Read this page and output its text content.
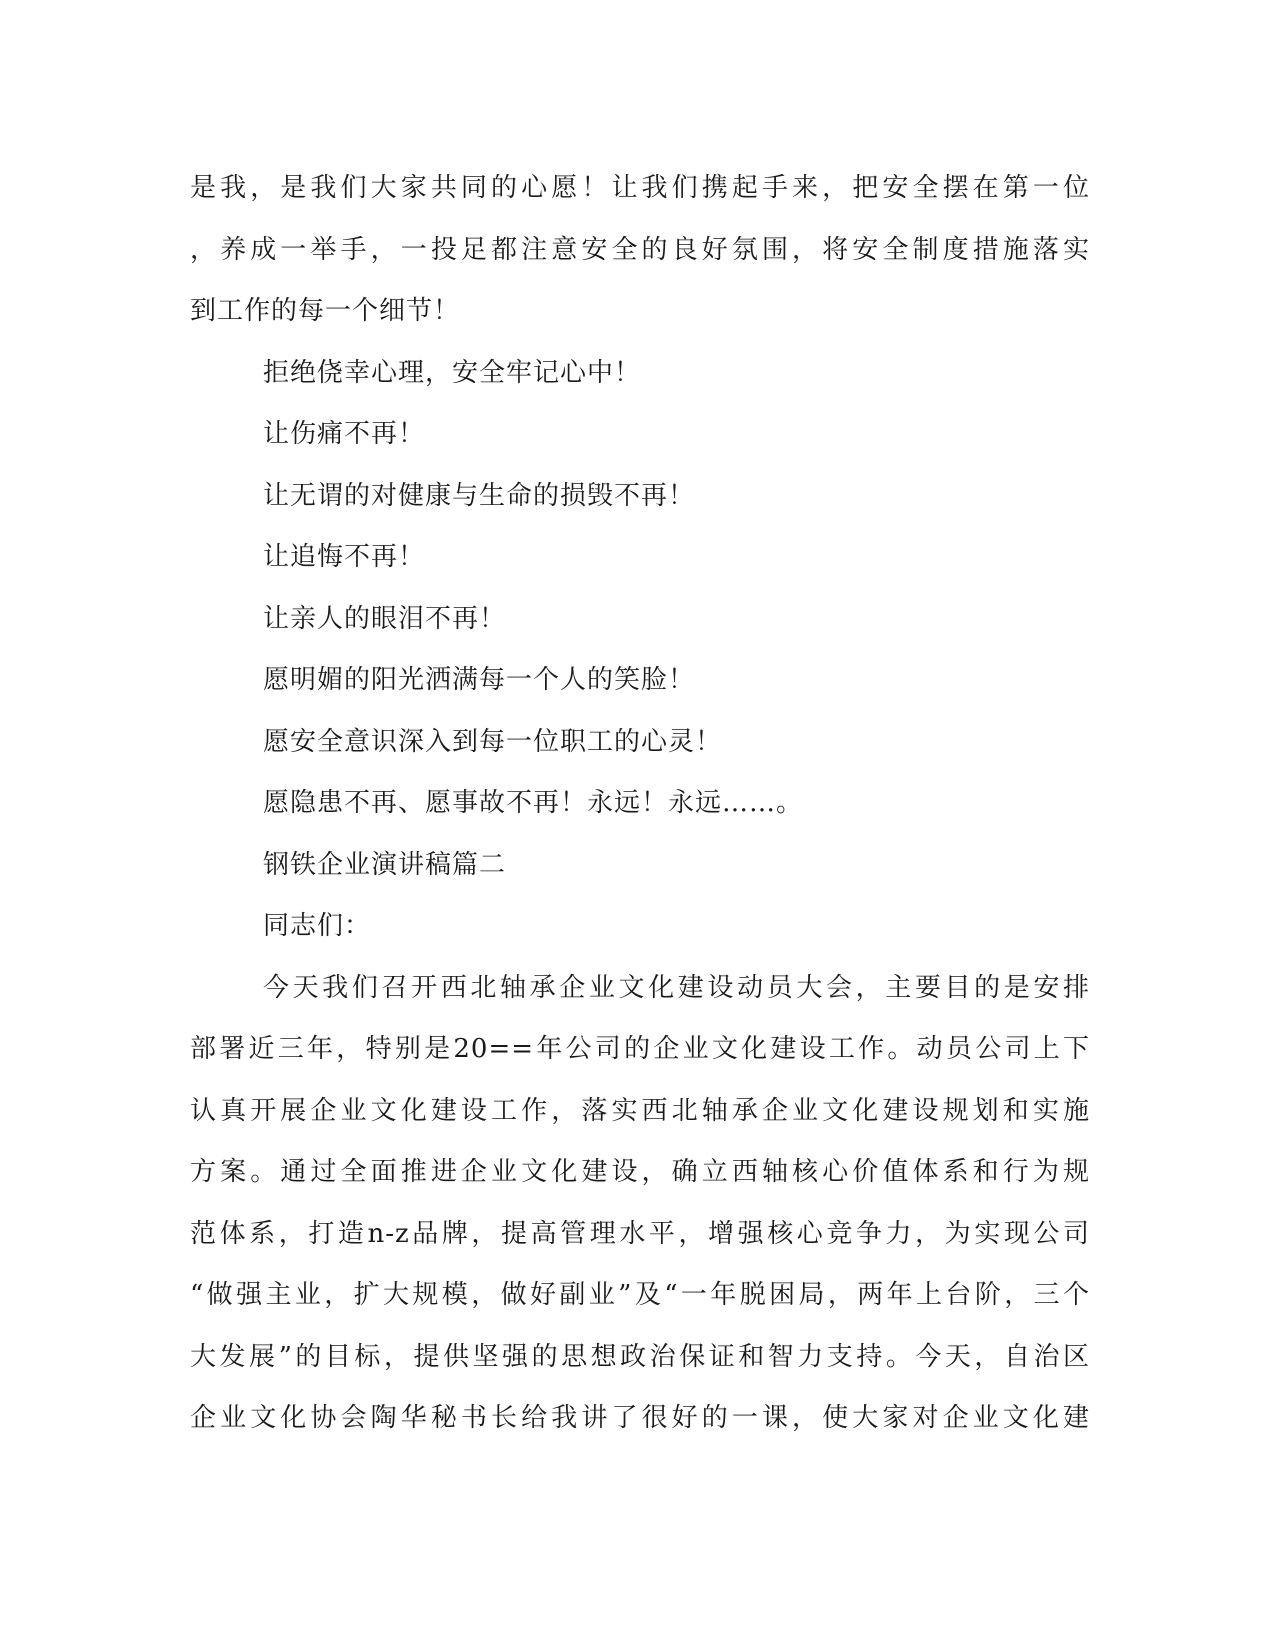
是我，是我们大家共同的心愿！让我们携起手来，把安全摆在第一位
，养成一举手，一投足都注意安全的良好氛围，将安全制度措施落实
到工作的每一个细节！
拒绝侥幸心理，安全牢记心中！
让伤痛不再！
让无谓的对健康与生命的损毁不再！
让追悔不再！
让亲人的眼泪不再！
愿明媚的阳光洒满每一个人的笑脸！
愿安全意识深入到每一位职工的心灵！
愿隐患不再、愿事故不再！永远！永远……。
钢铁企业演讲稿篇二
同志们：
今天我们召开西北轴承企业文化建设动员大会，主要目的是安排
部署近三年，特别是20==年公司的企业文化建设工作。动员公司上下
认真开展企业文化建设工作，落实西北轴承企业文化建设规划和实施
方案。通过全面推进企业文化建设，确立西轴核心价值体系和行为规
范体系，打造n-z品牌，提高管理水平，增强核心竞争力，为实现公司
“做强主业，扩大规模，做好副业”及“一年脱困局，两年上台阶，三个
大发展”的目标，提供坚强的思想政治保证和智力支持。今天，自治区
企业文化协会陶华秘书长给我讲了很好的一课，使大家对企业文化建
